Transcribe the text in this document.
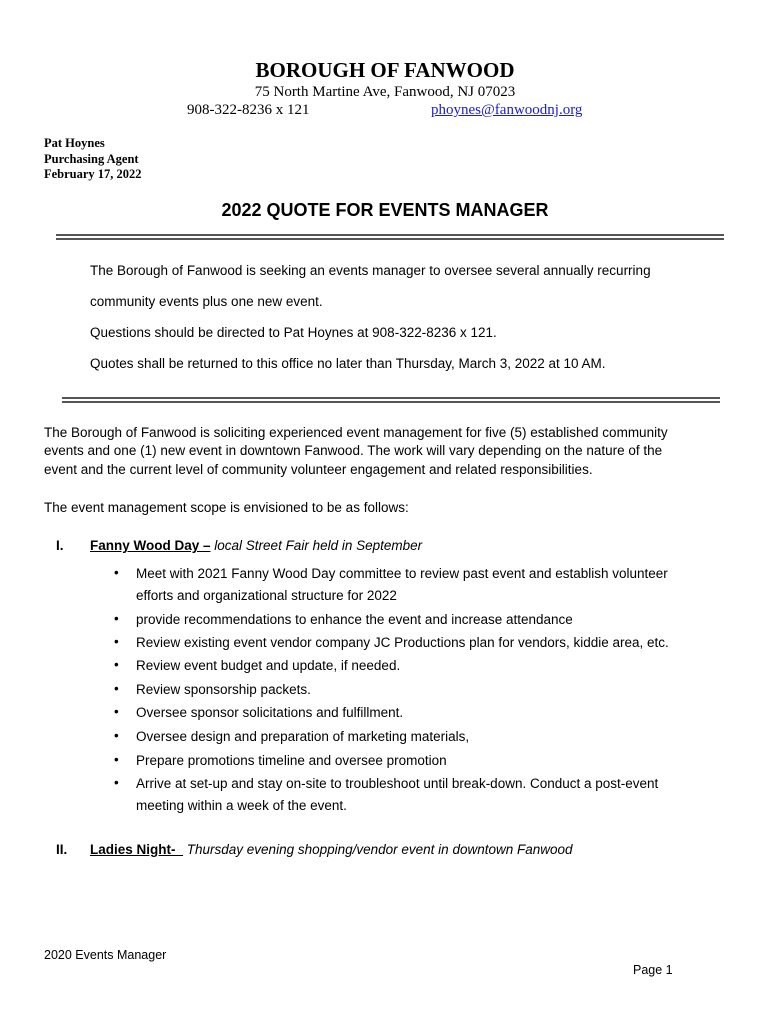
BOROUGH OF FANWOOD
75 North Martine Ave, Fanwood, NJ 07023
908-322-8236 x 121	phoynes@fanwoodnj.org
Pat Hoynes
Purchasing Agent
February 17, 2022
2022 QUOTE FOR EVENTS MANAGER
The Borough of Fanwood is seeking an events manager to oversee several annually recurring
community events plus one new event.
Questions should be directed to Pat Hoynes at 908-322-8236 x 121.
Quotes shall be returned to this office no later than Thursday, March 3, 2022 at 10 AM.
The Borough of Fanwood is soliciting experienced event management for five (5) established community
events and one (1) new event in downtown Fanwood. The work will vary depending on the nature of the
event and the current level of community volunteer engagement and related responsibilities.
The event management scope is envisioned to be as follows:
I. Fanny Wood Day – local Street Fair held in September
• Meet with 2021 Fanny Wood Day committee to review past event and establish volunteer efforts and organizational structure for 2022
• provide recommendations to enhance the event and increase attendance
• Review existing event vendor company JC Productions plan for vendors, kiddie area, etc.
• Review event budget and update, if needed.
• Review sponsorship packets.
• Oversee sponsor solicitations and fulfillment.
• Oversee design and preparation of marketing materials,
• Prepare promotions timeline and oversee promotion
• Arrive at set-up and stay on-site to troubleshoot until break-down. Conduct a post-event meeting within a week of the event.
II. Ladies Night-   Thursday evening shopping/vendor event in downtown Fanwood
2020 Events Manager
Page 1
